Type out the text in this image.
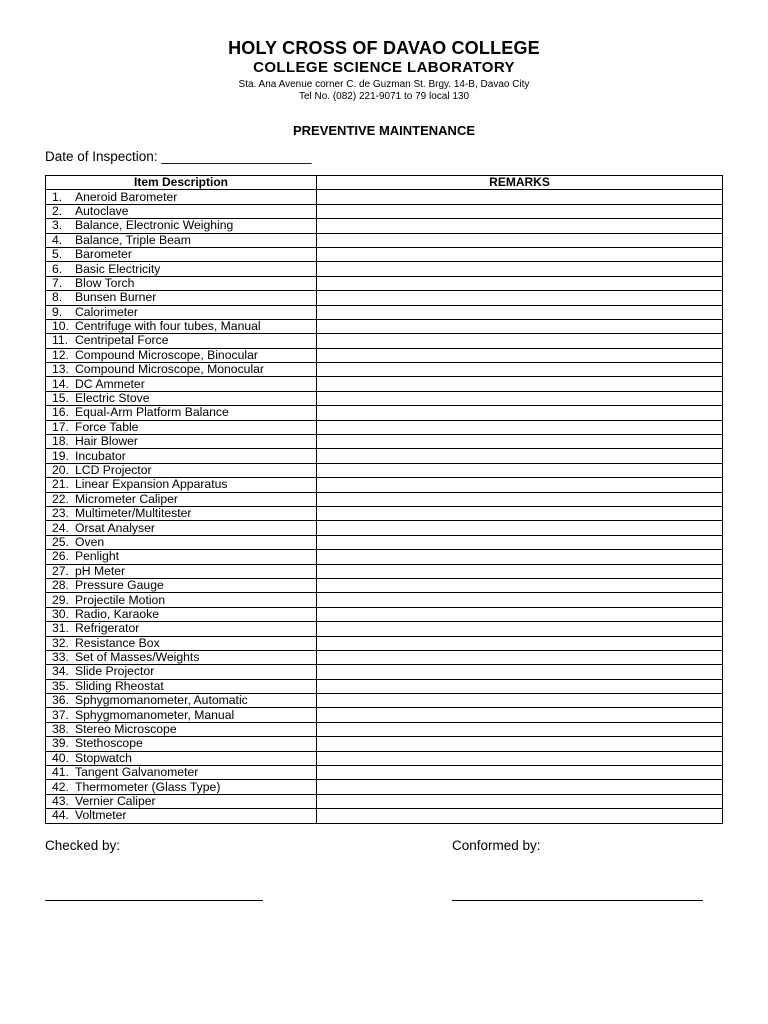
HOLY CROSS OF DAVAO COLLEGE
COLLEGE SCIENCE LABORATORY
Sta. Ana Avenue corner C. de Guzman St. Brgy. 14-B, Davao City
Tel No. (082) 221-9071 to 79 local 130
PREVENTIVE MAINTENANCE
Date of Inspection: ____________________
Item Description	REMARKS
1. Aneroid Barometer	
2. Autoclave	
3. Balance, Electronic Weighing	
4. Balance, Triple Beam	
5. Barometer	
6. Basic Electricity	
7. Blow Torch	
8. Bunsen Burner	
9. Calorimeter	
10. Centrifuge with four tubes, Manual	
11. Centripetal Force	
12. Compound Microscope, Binocular	
13. Compound Microscope, Monocular	
14. DC Ammeter	
15. Electric Stove	
16. Equal-Arm Platform Balance	
17. Force Table	
18. Hair Blower	
19. Incubator	
20. LCD Projector	
21. Linear Expansion Apparatus	
22. Micrometer Caliper	
23. Multimeter/Multitester	
24. Orsat Analyser	
25. Oven	
26. Penlight	
27. pH Meter	
28. Pressure Gauge	
29. Projectile Motion	
30. Radio, Karaoke	
31. Refrigerator	
32. Resistance Box	
33. Set of Masses/Weights	
34. Slide Projector	
35. Sliding Rheostat	
36. Sphygmomanometer, Automatic	
37. Sphygmomanometer, Manual	
38. Stereo Microscope	
39. Stethoscope	
40. Stopwatch	
41. Tangent Galvanometer	
42. Thermometer (Glass Type)	
43. Vernier Caliper	
44. Voltmeter	
Checked by:	Conformed by:
